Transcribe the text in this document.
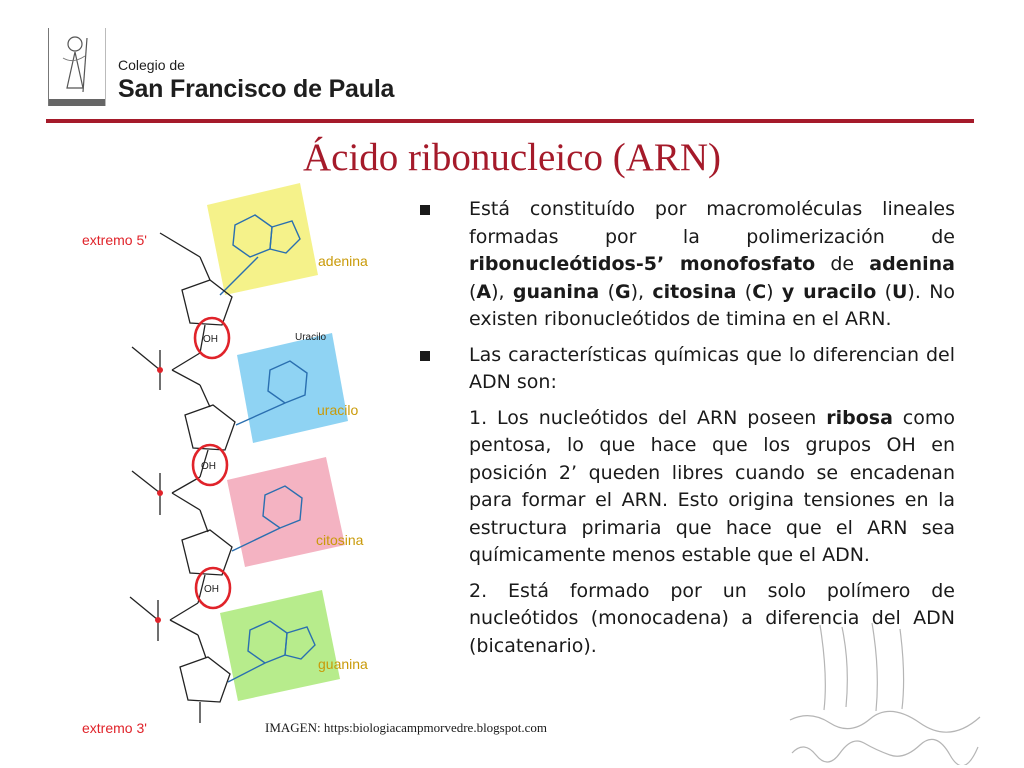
Colegio de
San Francisco de Paula
Ácido ribonucleico (ARN)
extremo 5'
extremo 3'
adenina
uracilo
citosina
guanina
Uracilo
OH
OH
OH
Está constituído por macromoléculas lineales formadas por la polimerización de ribonucleótidos-5’ monofosfato de adenina (A), guanina (G), citosina (C) y uracilo (U). No existen ribonucleótidos de timina en el ARN.
Las características químicas que lo diferencian del ADN son:
1. Los nucleótidos del ARN poseen ribosa como pentosa, lo que hace que los grupos OH en posición 2’ queden libres cuando se encadenan para formar el ARN. Esto origina tensiones en la estructura primaria que hace que el ARN sea químicamente menos estable que el ADN.
2. Está formado por un solo polímero de nucleótidos (monocadena) a diferencia del ADN (bicatenario).
IMAGEN: https:biologiacampmorvedre.blogspot.com
